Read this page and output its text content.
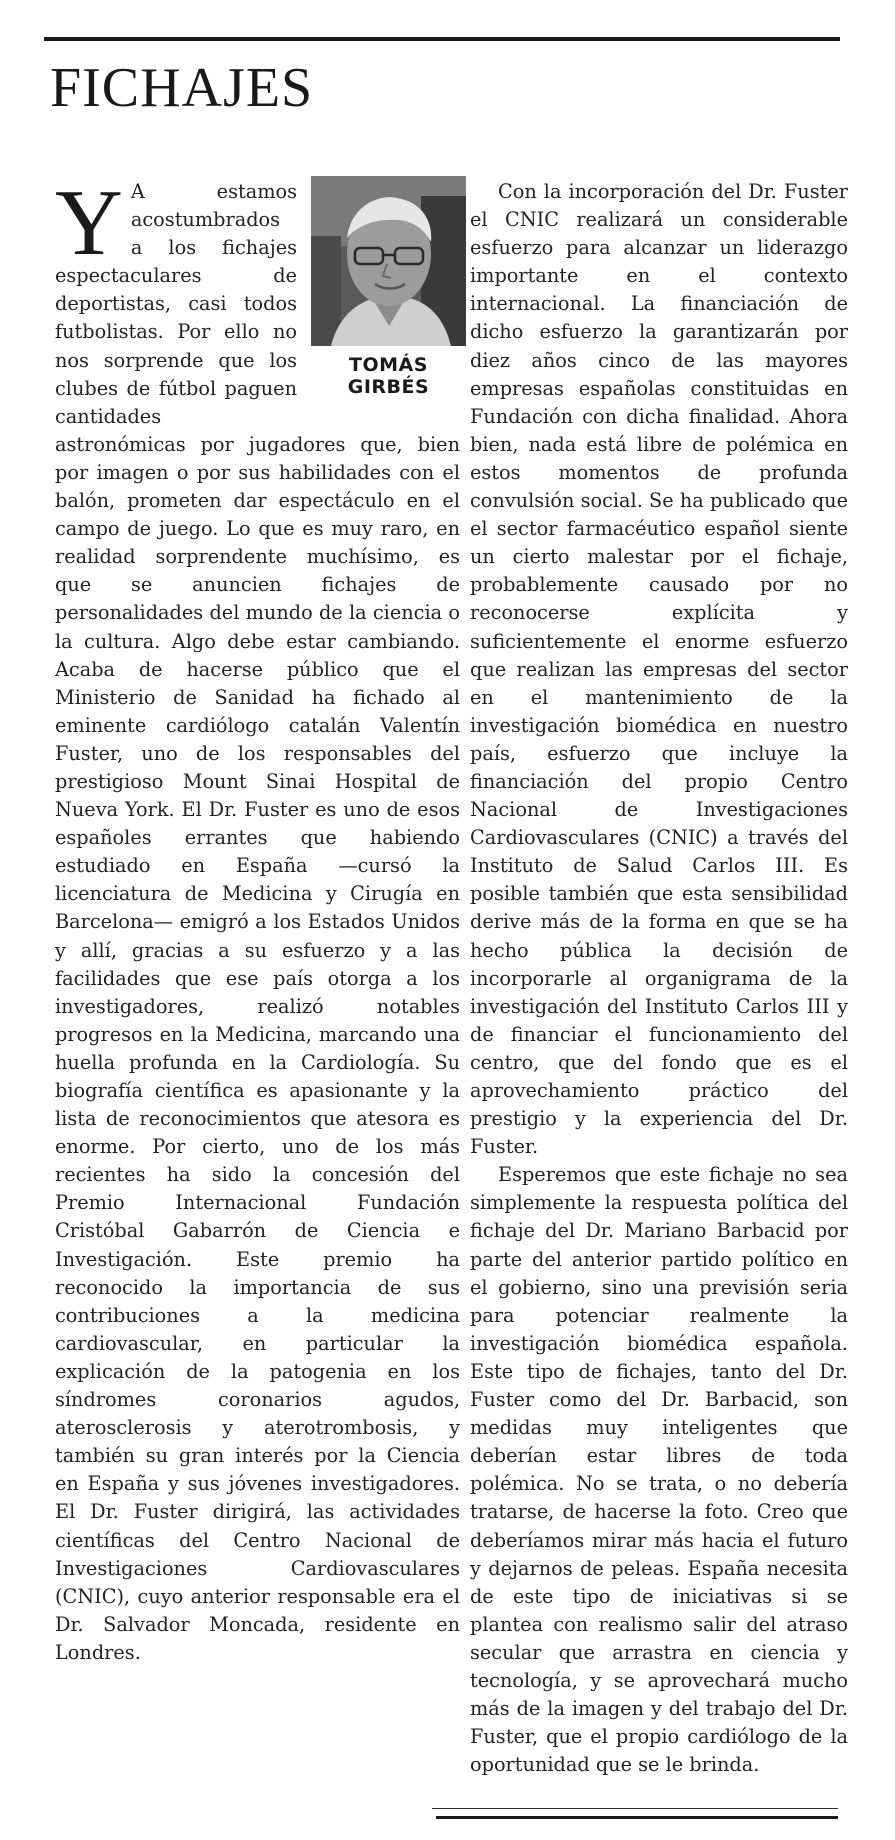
FICHAJES
TOMÁS
GIRBÉS

Y A estamos acostumbrados a los fichajes espectaculares de deportistas, casi todos futbolistas. Por ello no nos sorprende que los clubes de fútbol paguen cantidades astronómicas por jugadores que, bien por imagen o por sus habilidades con el balón, prometen dar espectáculo en el campo de juego. Lo que es muy raro, en realidad sorprendente muchísimo, es que se anuncien fichajes de personalidades del mundo de la ciencia o la cultura. Algo debe estar cambiando. Acaba de hacerse público que el Ministerio de Sanidad ha fichado al eminente cardiólogo catalán Valentín Fuster, uno de los responsables del prestigioso Mount Sinai Hospital de Nueva York. El Dr. Fuster es uno de esos españoles errantes que habiendo estudiado en España —cursó la licenciatura de Medicina y Cirugía en Barcelona— emigró a los Estados Unidos y allí, gracias a su esfuerzo y a las facilidades que ese país otorga a los investigadores, realizó notables progresos en la Medicina, marcando una huella profunda en la Cardiología. Su biografía científica es apasionante y la lista de reconocimientos que atesora es enorme. Por cierto, uno de los más recientes ha sido la concesión del Premio Internacional Fundación Cristóbal Gabarrón de Ciencia e Investigación. Este premio ha reconocido la importancia de sus contribuciones a la medicina cardiovascular, en particular la explicación de la patogenia en los síndromes coronarios agudos, aterosclerosis y aterotrombosis, y también su gran interés por la Ciencia en España y sus jóvenes investigadores. El Dr. Fuster dirigirá, las actividades científicas del Centro Nacional de Investigaciones Cardiovasculares (CNIC), cuyo anterior responsable era el Dr. Salvador Moncada, residente en Londres.

Con la incorporación del Dr. Fuster el CNIC realizará un considerable esfuerzo para alcanzar un liderazgo importante en el contexto internacional. La financiación de dicho esfuerzo la garantizarán por diez años cinco de las mayores empresas españolas constituidas en Fundación con dicha finalidad. Ahora bien, nada está libre de polémica en estos momentos de profunda convulsión social. Se ha publicado que el sector farmacéutico español siente un cierto malestar por el fichaje, probablemente causado por no reconocerse explícita y suficientemente el enorme esfuerzo que realizan las empresas del sector en el mantenimiento de la investigación biomédica en nuestro país, esfuerzo que incluye la financiación del propio Centro Nacional de Investigaciones Cardiovasculares (CNIC) a través del Instituto de Salud Carlos III. Es posible también que esta sensibilidad derive más de la forma en que se ha hecho pública la decisión de incorporarle al organigrama de la investigación del Instituto Carlos III y de financiar el funcionamiento del centro, que del fondo que es el aprovechamiento práctico del prestigio y la experiencia del Dr. Fuster.

Esperemos que este fichaje no sea simplemente la respuesta política del fichaje del Dr. Mariano Barbacid por parte del anterior partido político en el gobierno, sino una previsión seria para potenciar realmente la investigación biomédica española. Este tipo de fichajes, tanto del Dr. Fuster como del Dr. Barbacid, son medidas muy inteligentes que deberían estar libres de toda polémica. No se trata, o no debería tratarse, de hacerse la foto. Creo que deberíamos mirar más hacia el futuro y dejarnos de peleas. España necesita de este tipo de iniciativas si se plantea con realismo salir del atraso secular que arrastra en ciencia y tecnología, y se aprovechará mucho más de la imagen y del trabajo del Dr. Fuster, que el propio cardiólogo de la oportunidad que se le brinda.
